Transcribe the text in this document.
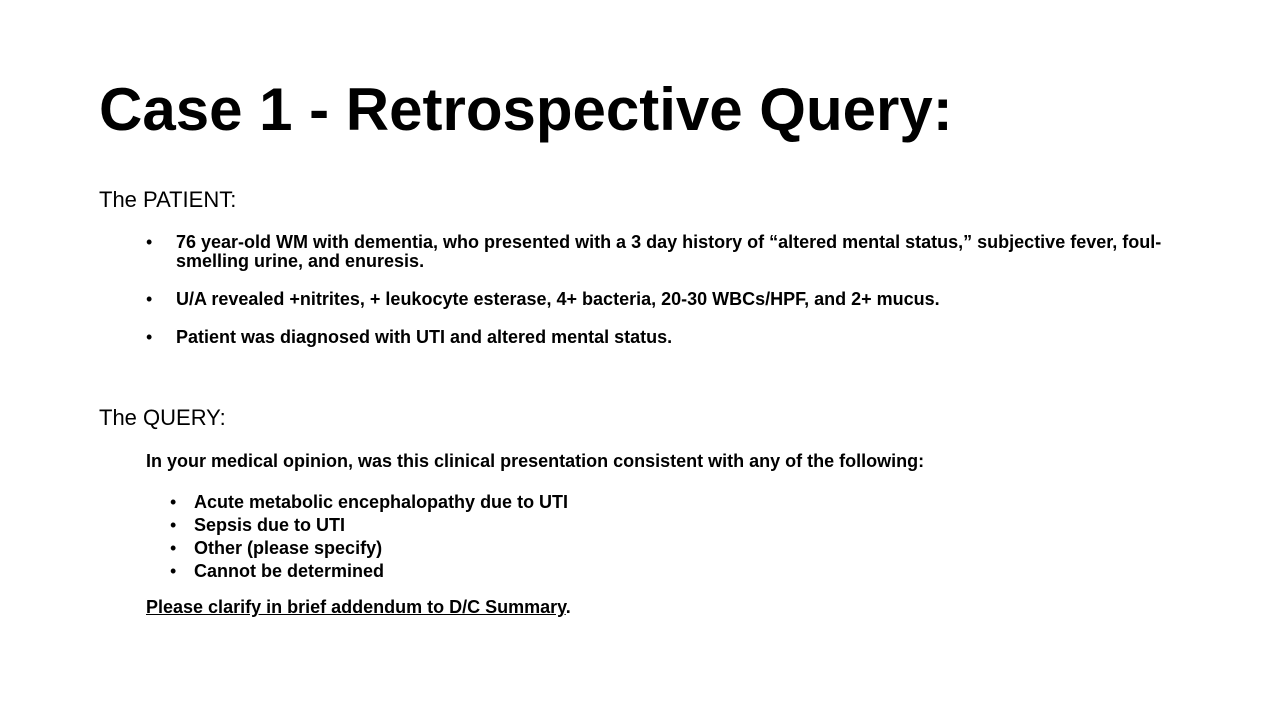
Case 1 - Retrospective Query:
The PATIENT:
• 76 year-old WM with dementia, who presented with a 3 day history of “altered mental status,” subjective fever, foul-smelling urine, and enuresis.
• U/A revealed +nitrites, + leukocyte esterase, 4+ bacteria, 20-30 WBCs/HPF, and 2+ mucus.
• Patient was diagnosed with UTI and altered mental status.
The QUERY:

In your medical opinion, was this clinical presentation consistent with any of the following:

• Acute metabolic encephalopathy due to UTI
• Sepsis due to UTI
• Other (please specify)
• Cannot be determined

Please clarify in brief addendum to D/C Summary.
